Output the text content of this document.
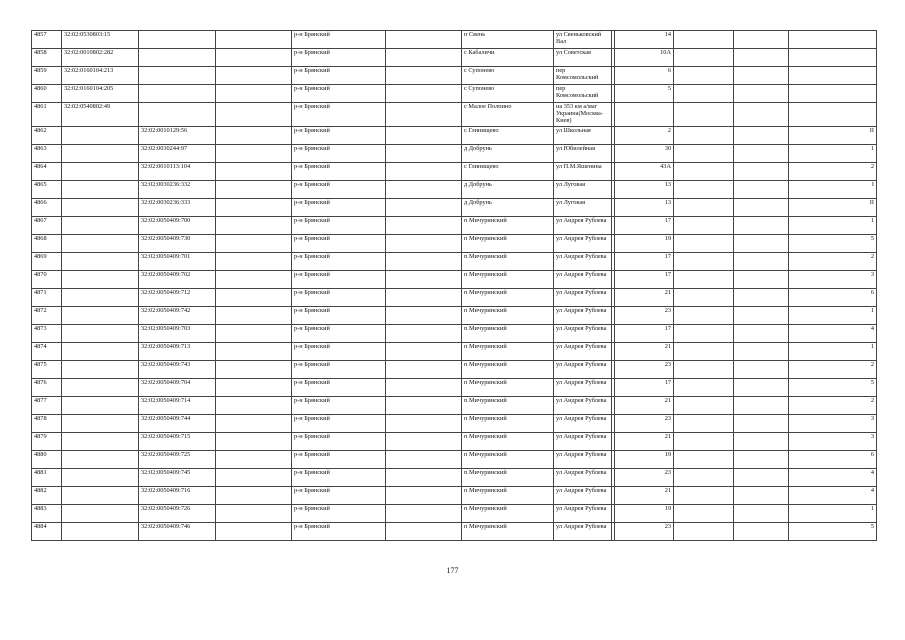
4857	32:02:0530803:15			р-н Брянский		п Свень	ул Свеньковский Вал		14			
4858	32:02:0010802:282			р-н Брянский		с Кабаличи	ул Советская		10А			
4859	32:02:0160104:213			р-н Брянский		с Супонево	пер Комсомольский		6			
4860	32:02:0160104:205			р-н Брянский		с Супонево	пер Комсомольский		5			
4861	32:02:0540802:49			р-н Брянский		с Малое Полпино	на 353 км а/маг Украина(Москва-Киев)					
4862		32:02:0010129:56		р-н Брянский		с Глинищево	ул Школьная		2			II
4863		32:02:0030244:97		р-н Брянский		д Добрунь	ул Юбилейная		30			1
4864		32:02:0010113:104		р-н Брянский		с Глинищево	ул П.М.Яшенина		43А			2
4865		32:02:0030236:332		р-н Брянский		д Добрунь	ул Луговая		13			I
4866		32:02:0030236:333		р-н Брянский		д Добрунь	ул Луговая		13			II
4867		32:02:0050409:700		р-н Брянский		п Мичуринский	ул Андрея Рублева		17			1
4868		32:02:0050409:730		р-н Брянский		п Мичуринский	ул Андрея Рублева		19			5
4869		32:02:0050409:701		р-н Брянский		п Мичуринский	ул Андрея Рублева		17			2
4870		32:02:0050409:702		р-н Брянский		п Мичуринский	ул Андрея Рублева		17			3
4871		32:02:0050409:712		р-н Брянский		п Мичуринский	ул Андрея Рублева		21			6
4872		32:02:0050409:742		р-н Брянский		п Мичуринский	ул Андрея Рублева		23			1
4873		32:02:0050409:703		р-н Брянский		п Мичуринский	ул Андрея Рублева		17			4
4874		32:02:0050409:713		р-н Брянский		п Мичуринский	ул Андрея Рублева		21			1
4875		32:02:0050409:743		р-н Брянский		п Мичуринский	ул Андрея Рублева		23			2
4876		32:02:0050409:704		р-н Брянский		п Мичуринский	ул Андрея Рублева		17			5
4877		32:02:0050409:714		р-н Брянский		п Мичуринский	ул Андрея Рублева		21			2
4878		32:02:0050409:744		р-н Брянский		п Мичуринский	ул Андрея Рублева		23			3
4879		32:02:0050409:715		р-н Брянский		п Мичуринский	ул Андрея Рублева		21			3
4880		32:02:0050409:725		р-н Брянский		п Мичуринский	ул Андрея Рублева		19			6
4881		32:02:0050409:745		р-н Брянский		п Мичуринский	ул Андрея Рублева		23			4
4882		32:02:0050409:716		р-н Брянский		п Мичуринский	ул Андрея Рублева		21			4
4883		32:02:0050409:726		р-н Брянский		п Мичуринский	ул Андрея Рублева		19			1
4884		32:02:0050409:746		р-н Брянский		п Мичуринский	ул Андрея Рублева		23			5
177
